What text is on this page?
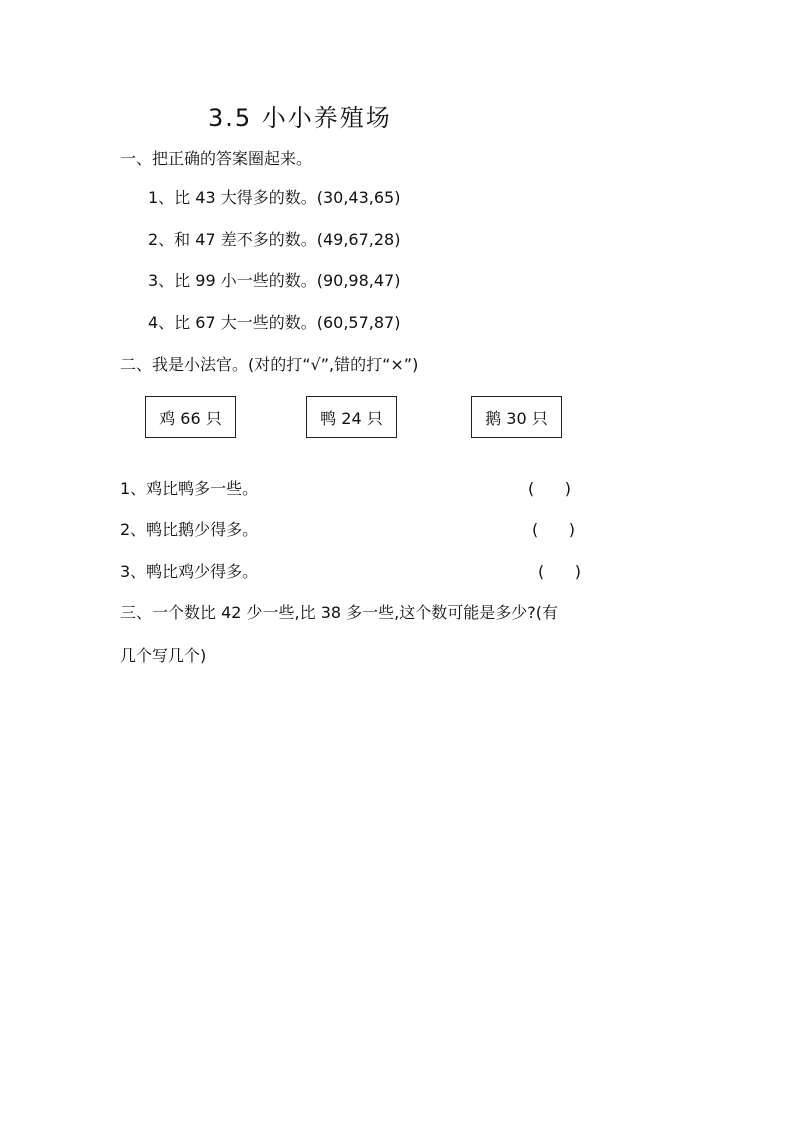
3.5 小小养殖场
一、把正确的答案圈起来。
1、比 43 大得多的数。(30,43,65)
2、和 47 差不多的数。(49,67,28)
3、比 99 小一些的数。(90,98,47)
4、比 67 大一些的数。(60,57,87)
二、我是小法官。(对的打“√”,错的打“×”)
鸡 66 只	鸭 24 只	鹅 30 只
1、鸡比鸭多一些。	(      )
2、鸭比鹅少得多。	(      )
3、鸭比鸡少得多。	(      )
三、一个数比 42 少一些,比 38 多一些,这个数可能是多少?(有
几个写几个)
